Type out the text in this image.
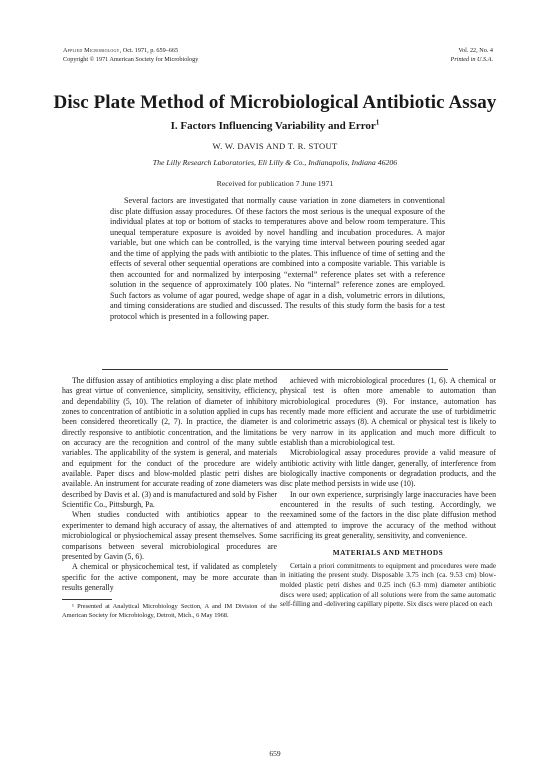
Applied Microbiology, Oct. 1971, p. 659–665
Copyright © 1971 American Society for Microbiology
Vol. 22, No. 4
Printed in U.S.A.
Disc Plate Method of Microbiological Antibiotic Assay
I. Factors Influencing Variability and Error$^1$
W. W. DAVIS AND T. R. STOUT
The Lilly Research Laboratories, Eli Lilly & Co., Indianapolis, Indiana 46206
Received for publication 7 June 1971

Several factors are investigated that normally cause variation in zone diameters in conventional disc plate diffusion assay procedures. Of these factors the most serious is the unequal exposure of the individual plates at top or bottom of stacks to temperatures above and below room temperature. This unequal temperature exposure is avoided by novel handling and incubation procedures. A major variable, but one which can be controlled, is the varying time interval between pouring seeded agar and the time of applying the pads with antibiotic to the plates. This influence of time of setting and the effects of several other sequential operations are combined into a composite variable. This variable is then accounted for and normalized by interposing “external” reference plates set with a reference solution in the sequence of approximately 100 plates. No “internal” reference zones are employed. Such factors as volume of agar poured, wedge shape of agar in a dish, volumetric errors in dilutions, and timing considerations are studied and discussed. The results of this study form the basis for a test protocol which is presented in a following paper.

The diffusion assay of antibiotics employing a disc plate method has great virtue of convenience, simplicity, sensitivity, efficiency, and dependability (5, 10). The relation of diameter of inhibitory zones to concentration of antibiotic in a solution applied in cups has been considered theoretically (2, 7). In practice, the diameter is directly responsive to antibiotic concentration, and the limitations on accuracy are the recognition and control of the many subtle variables. The applicability of the system is general, and materials and equipment for the conduct of the procedure are widely available. Paper discs and blow-molded plastic petri dishes are available. An instrument for accurate reading of zone diameters was described by Davis et al. (3) and is manufactured and sold by Fisher Scientific Co., Pittsburgh, Pa.

When studies conducted with antibiotics appear to the experimenter to demand high accuracy of assay, the alternatives of microbiological or physiochemical assay present themselves. Some comparisons between several microbiological procedures are presented by Gavin (5, 6).

A chemical or physicochemical test, if validated as completely specific for the active component, may be more accurate than results generally

¹ Presented at Analytical Microbiology Section, A and IM Division of the American Society for Microbiology, Detroit, Mich., 6 May 1968.

achieved with microbiological procedures (1, 6). A chemical or physical test is often more amenable to automation than microbiological procedures (9). For instance, automation has recently made more efficient and accurate the use of turbidimetric and colorimetric assays (8). A chemical or physical test is likely to be very narrow in its application and much more difficult to establish than a microbiological test.

Microbiological assay procedures provide a valid measure of antibiotic activity with little danger, generally, of interference from biologically inactive components or degradation products, and the disc plate method persists in wide use (10).

In our own experience, surprisingly large inaccuracies have been encountered in the results of such testing. Accordingly, we reexamined some of the factors in the disc plate diffusion method and attempted to improve the accuracy of the method without sacrificing its great generality, sensitivity, and convenience.

MATERIALS AND METHODS

Certain a priori commitments to equipment and procedures were made in initiating the present study. Disposable 3.75 inch (ca. 9.53 cm) blow-molded plastic petri dishes and 0.25 inch (6.3 mm) diameter antibiotic discs were used; application of all solutions were from the same automatic self-filling and -delivering capillary pipette. Six discs were placed on each

659
